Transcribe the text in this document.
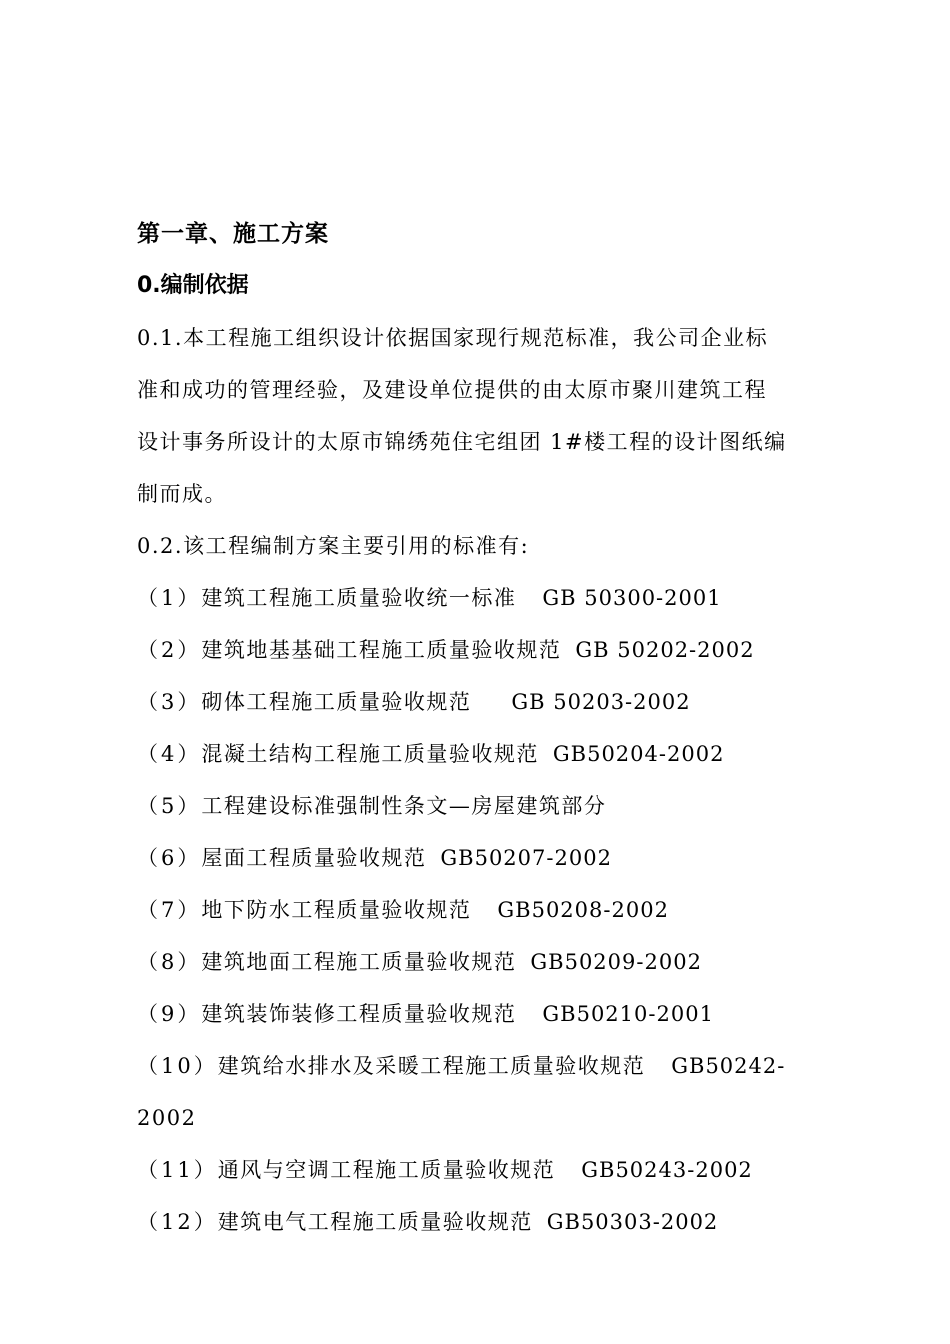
第一章、施工方案
0.编制依据
0.1.本工程施工组织设计依据国家现行规范标准，我公司企业标
准和成功的管理经验，及建设单位提供的由太原市聚川建筑工程
设计事务所设计的太原市锦绣苑住宅组团 1#楼工程的设计图纸编
制而成。
0.2.该工程编制方案主要引用的标准有:
（1）建筑工程施工质量验收统一标准 GB 50300-2001
（2）建筑地基基础工程施工质量验收规范 GB 50202-2002
（3）砌体工程施工质量验收规范 GB 50203-2002
（4）混凝土结构工程施工质量验收规范 GB50204-2002
（5）工程建设标准强制性条文—房屋建筑部分
（6）屋面工程质量验收规范 GB50207-2002
（7）地下防水工程质量验收规范 GB50208-2002
（8）建筑地面工程施工质量验收规范 GB50209-2002
（9）建筑装饰装修工程质量验收规范 GB50210-2001
（10）建筑给水排水及采暖工程施工质量验收规范 GB50242-
2002
（11）通风与空调工程施工质量验收规范 GB50243-2002
（12）建筑电气工程施工质量验收规范 GB50303-2002
